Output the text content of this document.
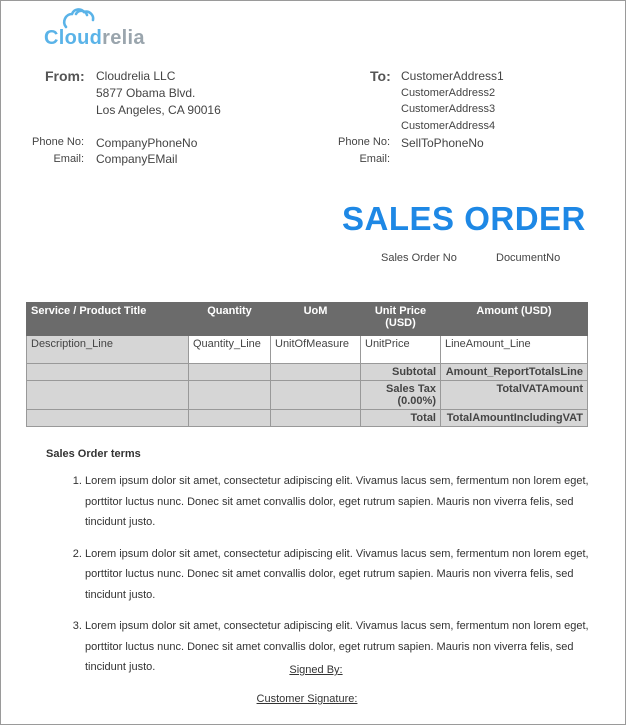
Cloudrelia
From: Cloudrelia LLC
5877 Obama Blvd.
Los Angeles, CA 90016
Phone No: CompanyPhoneNo
Email: CompanyEMail
To: CustomerAddress1
CustomerAddress2
CustomerAddress3
CustomerAddress4
Phone No: SellToPhoneNo
Email:
SALES ORDER
Sales Order No	DocumentNo
Service / Product Title	Quantity	UoM	Unit Price (USD)	Amount (USD)
Description_Line	Quantity_Line	UnitOfMeasure	UnitPrice	LineAmount_Line
			Subtotal	Amount_ReportTotalsLine
			Sales Tax (0.00%)	TotalVATAmount
			Total	TotalAmountIncludingVAT
Sales Order terms
1. Lorem ipsum dolor sit amet, consectetur adipiscing elit. Vivamus lacus sem, fermentum non lorem eget, porttitor luctus nunc. Donec sit amet convallis dolor, eget rutrum sapien. Mauris non viverra felis, sed tincidunt justo.
2. Lorem ipsum dolor sit amet, consectetur adipiscing elit. Vivamus lacus sem, fermentum non lorem eget, porttitor luctus nunc. Donec sit amet convallis dolor, eget rutrum sapien. Mauris non viverra felis, sed tincidunt justo.
3. Lorem ipsum dolor sit amet, consectetur adipiscing elit. Vivamus lacus sem, fermentum non lorem eget, porttitor luctus nunc. Donec sit amet convallis dolor, eget rutrum sapien. Mauris non viverra felis, sed tincidunt justo.	Signed By:
Customer Signature:
